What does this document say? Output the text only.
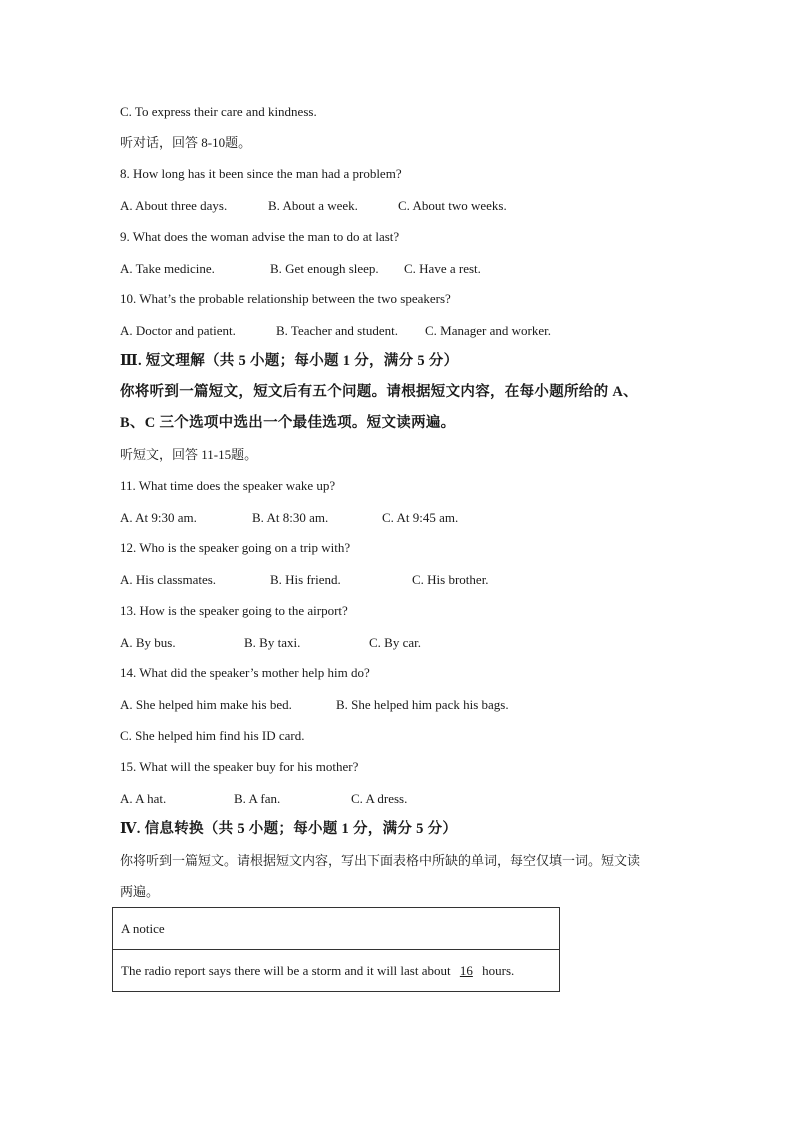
C. To express their care and kindness.
听对话，回答 8-10题。
8. How long has it been since the man had a problem?
A. About three days.	B. About a week.	C. About two weeks.
9. What does the woman advise the man to do at last?
A. Take medicine.	B. Get enough sleep. C. Have a rest.
10. What’s the probable relationship between the two speakers?
A. Doctor and patient.	B. Teacher and student. C. Manager and worker.
Ⅲ. 短文理解（共 5 小题；每小题 1 分，满分 5 分）
你将听到一篇短文，短文后有五个问题。请根据短文内容，在每小题所给的 A、
B、C 三个选项中选出一个最佳选项。短文读两遍。
听短文，回答 11-15题。
11. What time does the speaker wake up?
A. At 9:30 am.	B. At 8:30 am.	C. At 9:45 am.
12. Who is the speaker going on a trip with?
A. His classmates.	B. His friend.	C. His brother.
13. How is the speaker going to the airport?
A. By bus.	B. By taxi.	C. By car.
14. What did the speaker’s mother help him do?
A. She helped him make his bed.	B. She helped him pack his bags.
C. She helped him find his ID card.
15. What will the speaker buy for his mother?
A. A hat.	B. A fan.	C. A dress.
Ⅳ. 信息转换（共 5 小题；每小题 1 分，满分 5 分）
你将听到一篇短文。请根据短文内容，写出下面表格中所缺的单词，每空仅填一词。短文读
两遍。
A notice
The radio report says there will be a storm and it will last about 16 hours.
